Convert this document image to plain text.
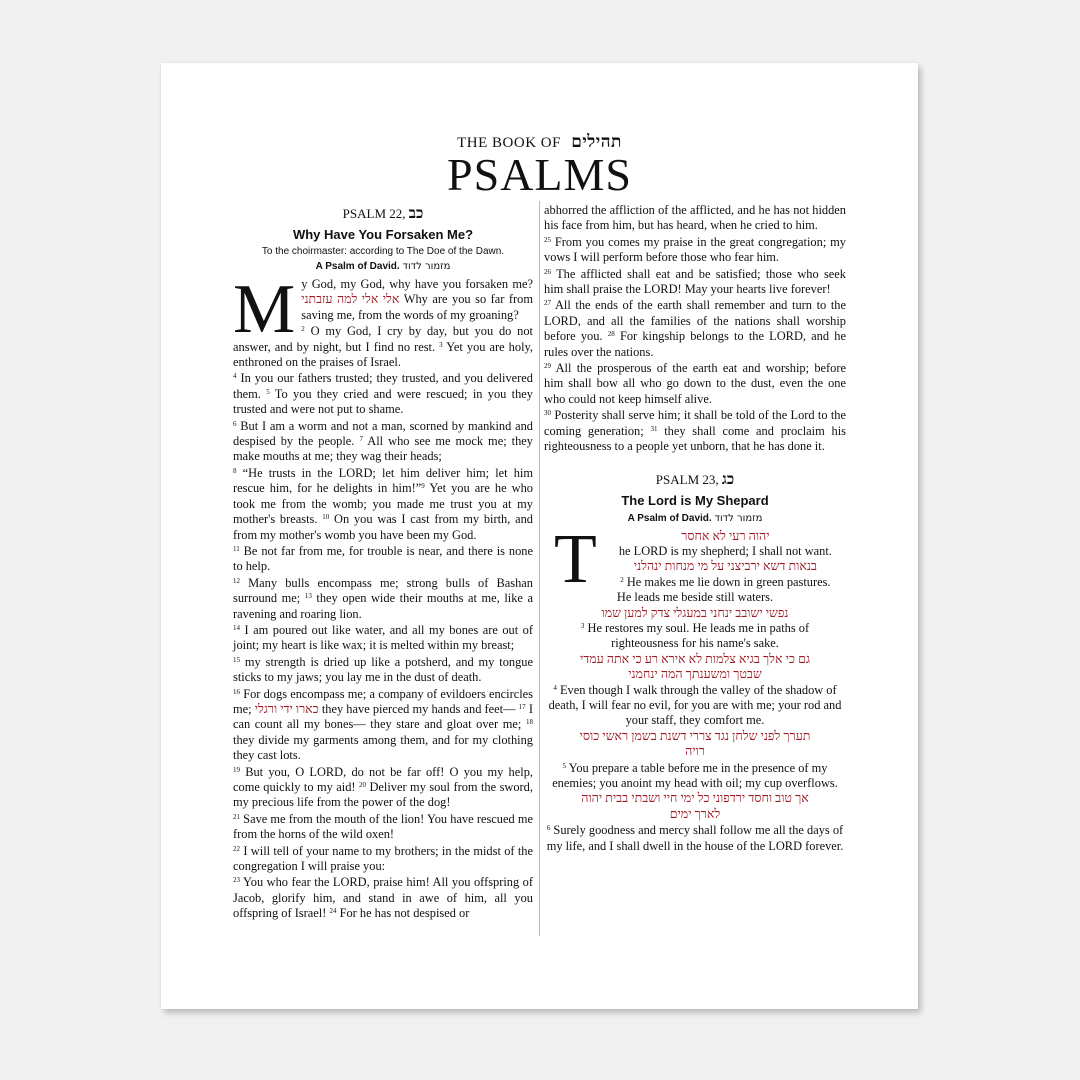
THE BOOK OF תהילים
PSALMS
PSALM 22, כב
Why Have You Forsaken Me?
To the choirmaster: according to The Doe of the Dawn.
A Psalm of David. מזמור לדוד

M y God, my God, why have you forsaken me? אלי אלי למה עזבתני Why are you so far from saving me, from the words of my groaning?

$^2$ O my God, I cry by day, but you do not answer, and by night, but I find no rest. $^3$ Yet you are holy, enthroned on the praises of Israel.

$^4$ In you our fathers trusted; they trusted, and you delivered them. $^5$ To you they cried and were rescued; in you they trusted and were not put to shame.

$^6$ But I am a worm and not a man, scorned by mankind and despised by the people. $^7$ All who see me mock me; they make mouths at me; they wag their heads;

$^8$ “He trusts in the LORD; let him deliver him; let him rescue him, for he delights in him!”$^9$ Yet you are he who took me from the womb; you made me trust you at my mother's breasts. $^{10}$ On you was I cast from my birth, and from my mother's womb you have been my God.

$^{11}$ Be not far from me, for trouble is near, and there is none to help.

$^{12}$ Many bulls encompass me; strong bulls of Bashan surround me; $^{13}$ they open wide their mouths at me, like a ravening and roaring lion.

$^{14}$ I am poured out like water, and all my bones are out of joint; my heart is like wax; it is melted within my breast;

$^{15}$ my strength is dried up like a potsherd, and my tongue sticks to my jaws; you lay me in the dust of death.

$^{16}$ For dogs encompass me; a company of evildoers encircles me; כארו ידי ורגלי they have pierced my hands and feet— $^{17}$ I can count all my bones— they stare and gloat over me; $^{18}$ they divide my garments among them, and for my clothing they cast lots.

$^{19}$ But you, O LORD, do not be far off! O you my help, come quickly to my aid! $^{20}$ Deliver my soul from the sword, my precious life from the power of the dog!

$^{21}$ Save me from the mouth of the lion! You have rescued me from the horns of the wild oxen!

$^{22}$ I will tell of your name to my brothers; in the midst of the congregation I will praise you:

$^{23}$ You who fear the LORD, praise him! All you offspring of Jacob, glorify him, and stand in awe of him, all you offspring of Israel! $^{24}$ For he has not despised or

abhorred the affliction of the afflicted, and he has not hidden his face from him, but has heard, when he cried to him.

$^{25}$ From you comes my praise in the great congregation; my vows I will perform before those who fear him.

$^{26}$ The afflicted shall eat and be satisfied; those who seek him shall praise the LORD! May your hearts live forever!

$^{27}$ All the ends of the earth shall remember and turn to the LORD, and all the families of the nations shall worship before you. $^{28}$ For kingship belongs to the LORD, and he rules over the nations.

$^{29}$ All the prosperous of the earth eat and worship; before him shall bow all who go down to the dust, even the one who could not keep himself alive.

$^{30}$ Posterity shall serve him; it shall be told of the Lord to the coming generation; $^{31}$ they shall come and proclaim his righteousness to a people yet unborn, that he has done it.

PSALM 23, כג
The Lord is My Shepard
A Psalm of David. מזמור לדוד
T	יהוה רעי לא אחסר

he LORD is my shepherd; I shall not want.

בנאות דשא ירביצני על מי מנחות ינהלני

$^2$ He makes me lie down in green pastures.

He leads me beside still waters.

נפשי ישובב ינחני במעגלי צדק למען שמו

$^3$ He restores my soul. He leads me in paths of

righteousness for his name's sake.

גם כי אלך בגיא צלמות לא אירא רע כי אתה עמדי

שבטך ומשענתך המה ינחמני

$^4$ Even though I walk through the valley of the shadow of death, I will fear no evil, for you are with me; your rod and your staff, they comfort me.

תערך לפני שלחן נגד צררי דשנת בשמן ראשי כוסי

רויה

$^5$ You prepare a table before me in the presence of my enemies; you anoint my head with oil; my cup overflows.

אך טוב וחסד ירדפוני כל ימי חיי ושבתי בבית יהוה

לארך ימים

$^6$ Surely goodness and mercy shall follow me all the days of my life, and I shall dwell in the house of the LORD forever.
